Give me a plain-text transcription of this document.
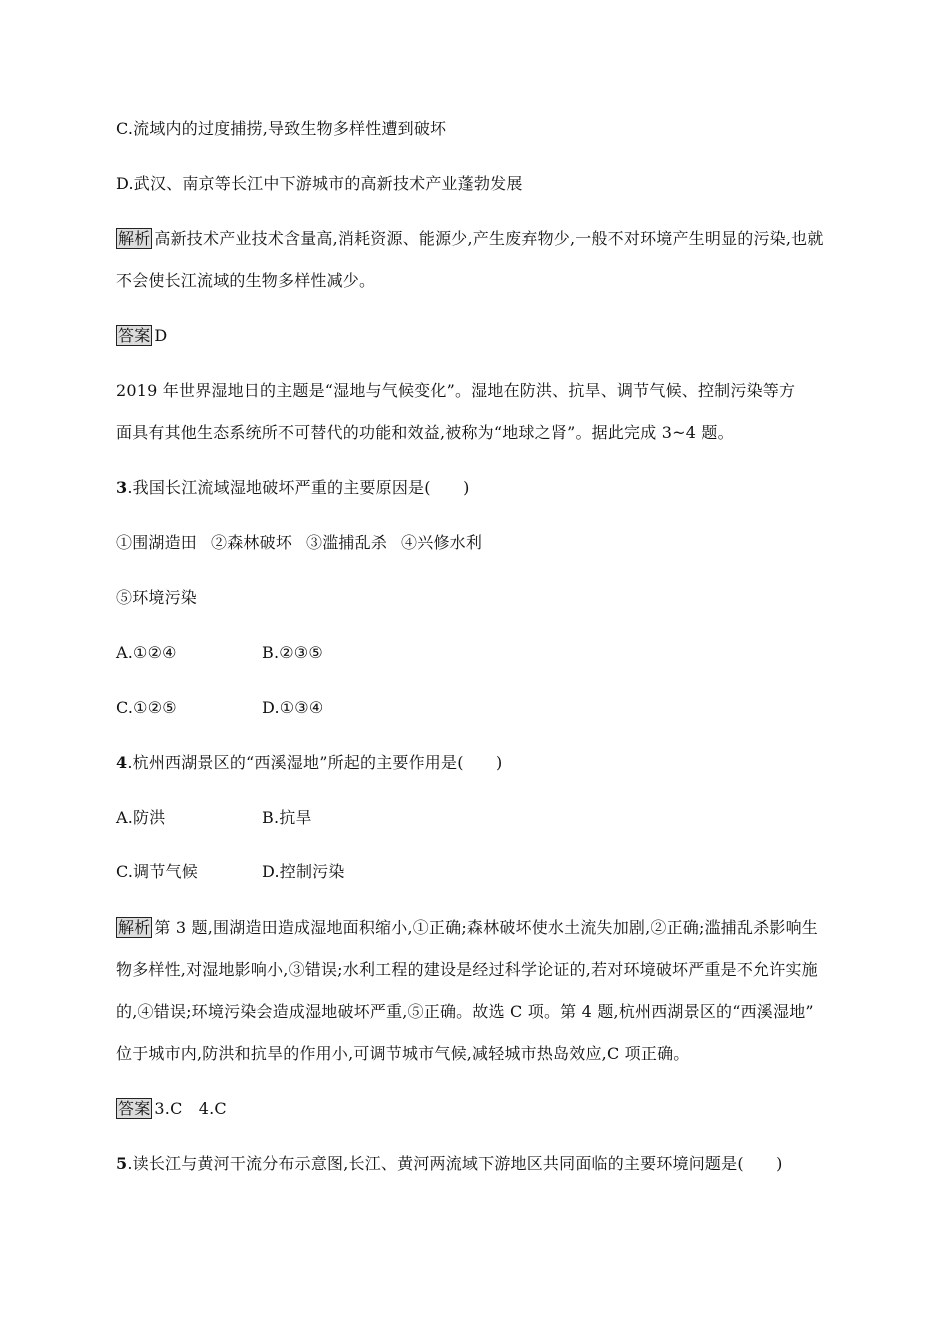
C.流域内的过度捕捞,导致生物多样性遭到破坏
D.武汉、南京等长江中下游城市的高新技术产业蓬勃发展
解析 高新技术产业技术含量高,消耗资源、能源少,产生废弃物少,一般不对环境产生明显的污染,也就
不会使长江流域的生物多样性减少。
答案 D
2019 年世界湿地日的主题是“湿地与气候变化”。湿地在防洪、抗旱、调节气候、控制污染等方
面具有其他生态系统所不可替代的功能和效益,被称为“地球之肾”。据此完成 3~4 题。
3.我国长江流域湿地破坏严重的主要原因是(　　)
①围湖造田 ②森林破坏 ③滥捕乱杀 ④兴修水利
⑤环境污染
A.①②④	B.②③⑤
C.①②⑤	D.①③④
4.杭州西湖景区的“西溪湿地”所起的主要作用是(　　)
A.防洪	B.抗旱
C.调节气候	D.控制污染
解析 第 3 题,围湖造田造成湿地面积缩小,①正确;森林破坏使水土流失加剧,②正确;滥捕乱杀影响生
物多样性,对湿地影响小,③错误;水利工程的建设是经过科学论证的,若对环境破坏严重是不允许实施
的,④错误;环境污染会造成湿地破坏严重,⑤正确。故选 C 项。第 4 题,杭州西湖景区的“西溪湿地”
位于城市内,防洪和抗旱的作用小,可调节城市气候,减轻城市热岛效应,C 项正确。
答案 3.C　4.C
5.读长江与黄河干流分布示意图,长江、黄河两流域下游地区共同面临的主要环境问题是(　　)
